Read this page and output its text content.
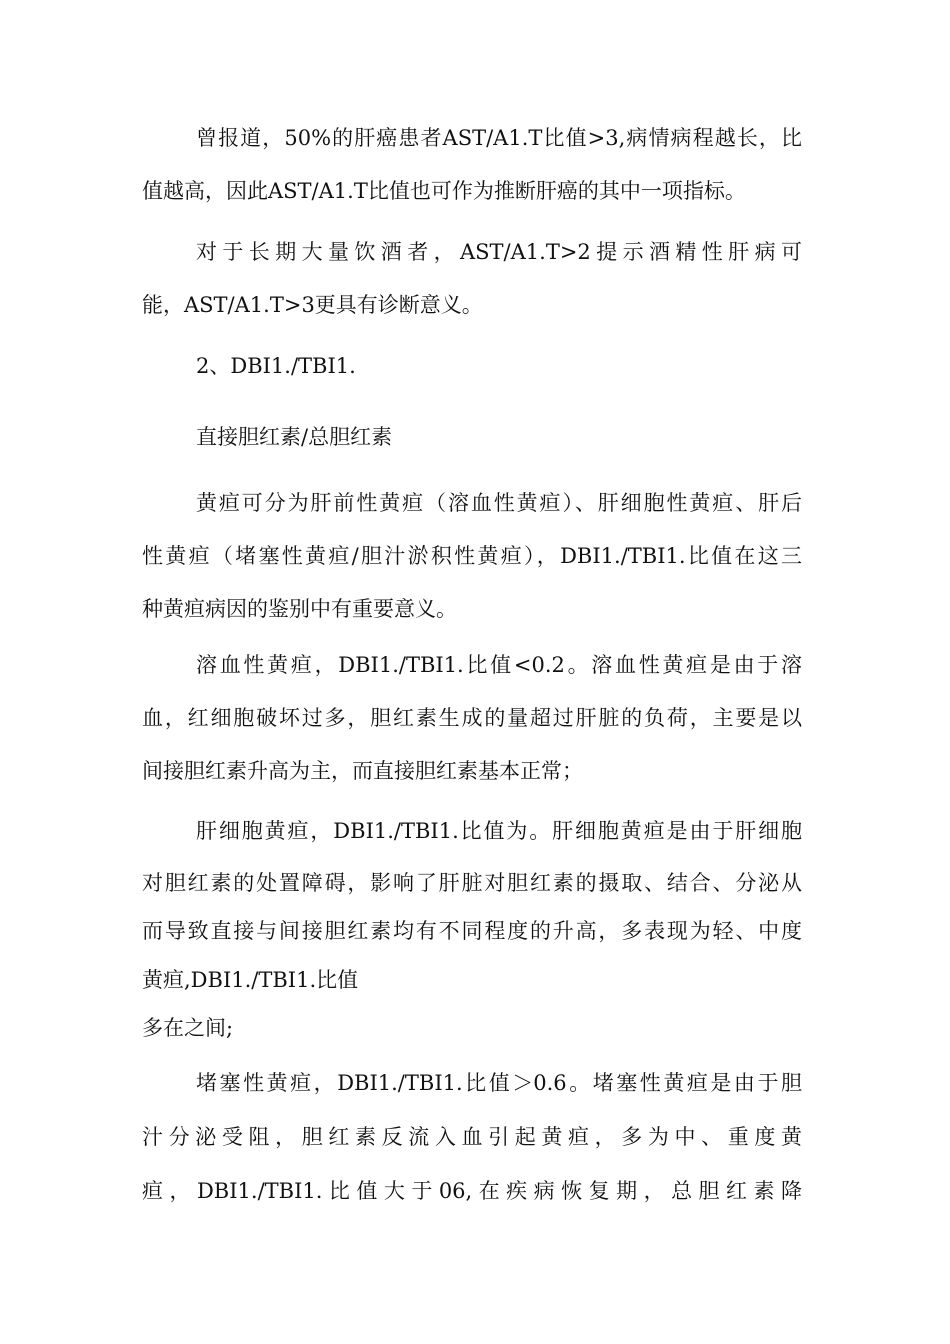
曾报道，50%的肝癌患者AST/A1.T比值>3,病情病程越长，比
值越高，因此AST/A1.T比值也可作为推断肝癌的其中一项指标。
对于长期大量饮酒者，AST/A1.T>2提示酒精性肝病可
能，AST/A1.T>3更具有诊断意义。
2、DBI1./TBI1.
直接胆红素/总胆红素
黄疸可分为肝前性黄疸（溶血性黄疸）、肝细胞性黄疸、肝后
性黄疸（堵塞性黄疸/胆汁淤积性黄疸），DBI1./TBI1.比值在这三
种黄疸病因的鉴别中有重要意义。
溶血性黄疸，DBI1./TBI1.比值<0.2。溶血性黄疸是由于溶
血，红细胞破坏过多，胆红素生成的量超过肝脏的负荷，主要是以
间接胆红素升高为主，而直接胆红素基本正常；
肝细胞黄疸，DBI1./TBI1.比值为。肝细胞黄疸是由于肝细胞
对胆红素的处置障碍，影响了肝脏对胆红素的摄取、结合、分泌从
而导致直接与间接胆红素均有不同程度的升高，多表现为轻、中度
黄疸,DBI1./TBI1.比值
多在之间;
堵塞性黄疸，DBI1./TBI1.比值＞0.6。堵塞性黄疸是由于胆
汁分泌受阻，胆红素反流入血引起黄疸，多为中、重度黄
疸，DBI1./TBI1.比值大于06,在疾病恢复期，总胆红素降
